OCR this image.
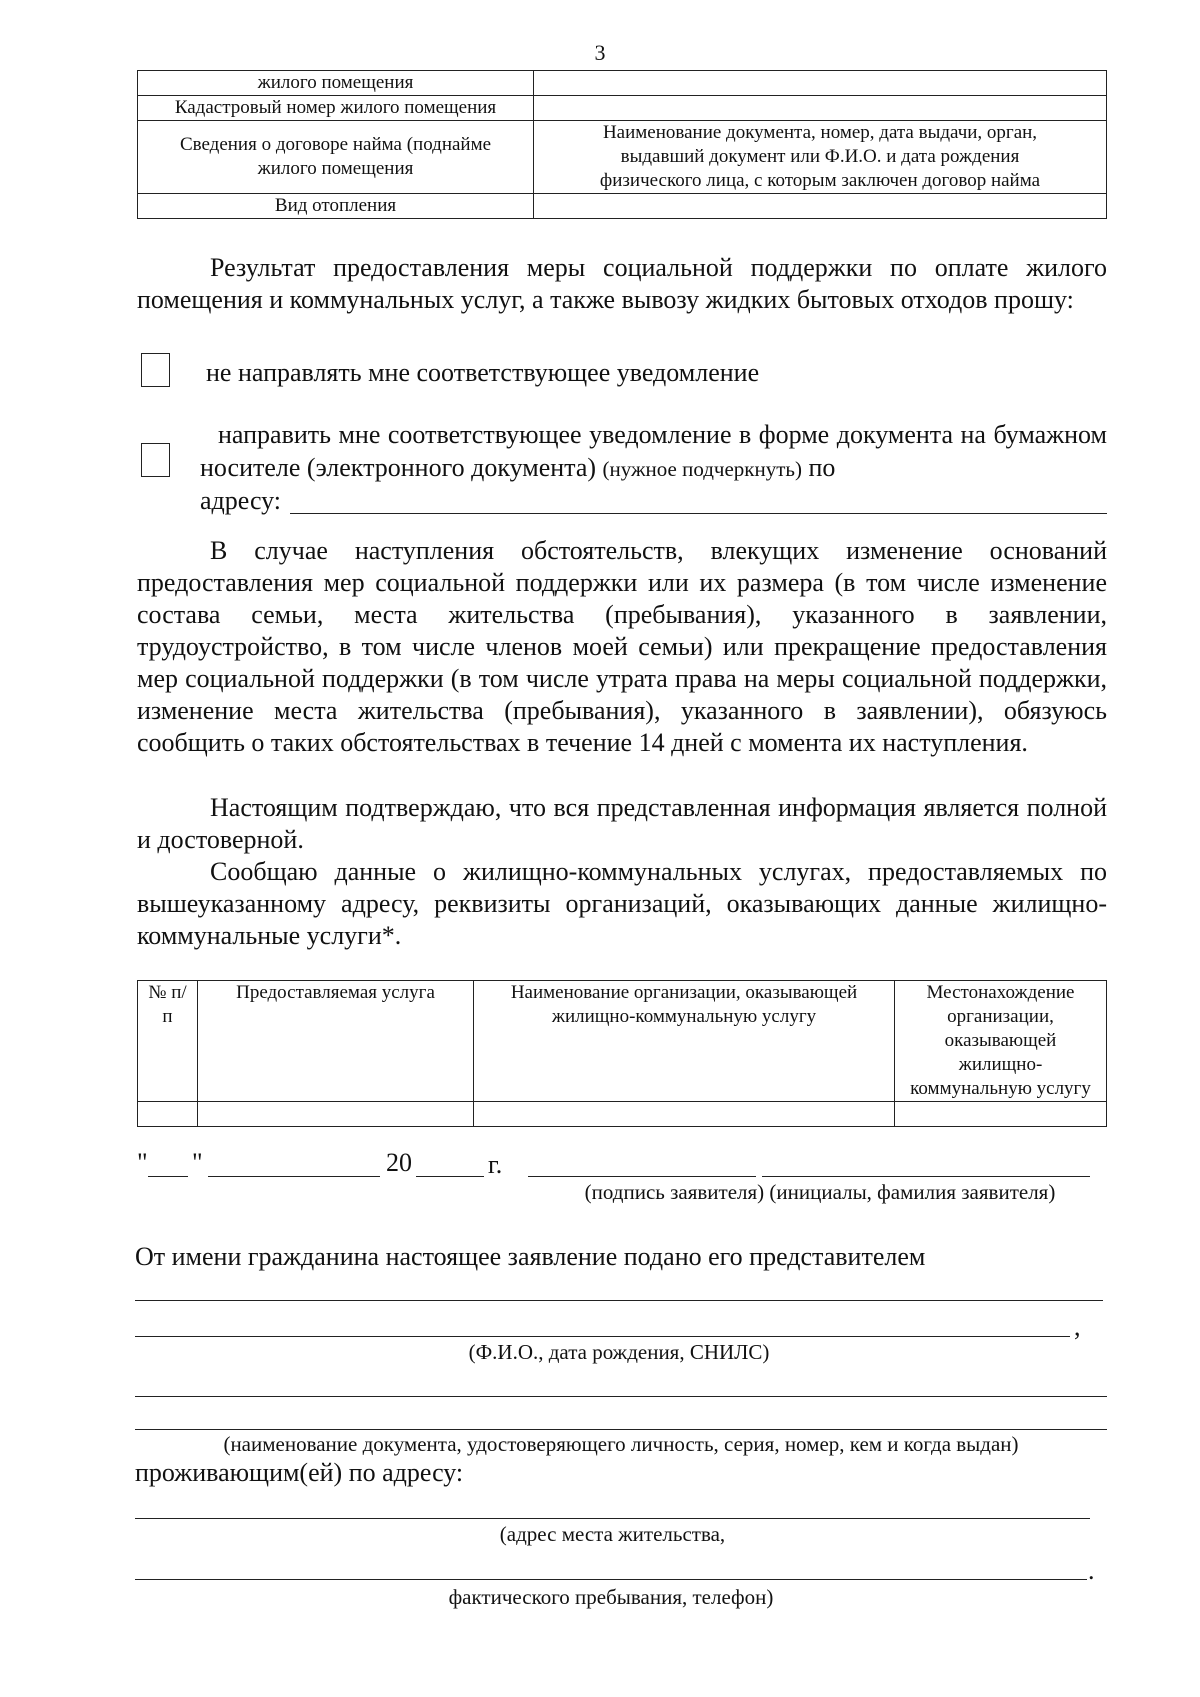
3
жилого помещения	
Кадастровый номер жилого помещения	
Сведения о договоре найма (поднайме жилого помещения	Наименование документа, номер, дата выдачи, орган, выдавший документ или Ф.И.О. и дата рождения физического лица, с которым заключен договор найма
Вид отопления	
Результат предоставления меры социальной поддержки по оплате жилого помещения и коммунальных услуг, а также вывозу жидких бытовых отходов прошу:
не направлять мне соответствующее уведомление
направить мне соответствующее уведомление в форме документа на бумажном носителе (электронного документа) (нужное подчеркнуть) по
адресу:
В случае наступления обстоятельств, влекущих изменение оснований предоставления мер социальной поддержки или их размера (в том числе изменение состава семьи, места жительства (пребывания), указанного в заявлении, трудоустройство, в том числе членов моей семьи) или прекращение предоставления мер социальной поддержки (в том числе утрата права на меры социальной поддержки, изменение места жительства (пребывания), указанного в заявлении), обязуюсь сообщить о таких обстоятельствах в течение 14 дней с момента их наступления.
Настоящим подтверждаю, что вся представленная информация является полной и достоверной.
Сообщаю данные о жилищно-коммунальных услугах, предоставляемых по вышеуказанному адресу, реквизиты организаций, оказывающих данные жилищно-коммунальные услуги*.
№ п/ п	Предоставляемая услуга	Наименование организации, оказывающей жилищно-коммунальную услугу	Местонахождение организации, оказывающей жилищно-коммунальную услугу

" "	20	г.
(подпись заявителя) (инициалы, фамилия заявителя)
От имени гражданина настоящее заявление подано его представителем
,
(Ф.И.О., дата рождения, СНИЛС)
(наименование документа, удостоверяющего личность, серия, номер, кем и когда выдан)
проживающим(ей) по адресу:
(адрес места жительства,
.
фактического пребывания, телефон)
